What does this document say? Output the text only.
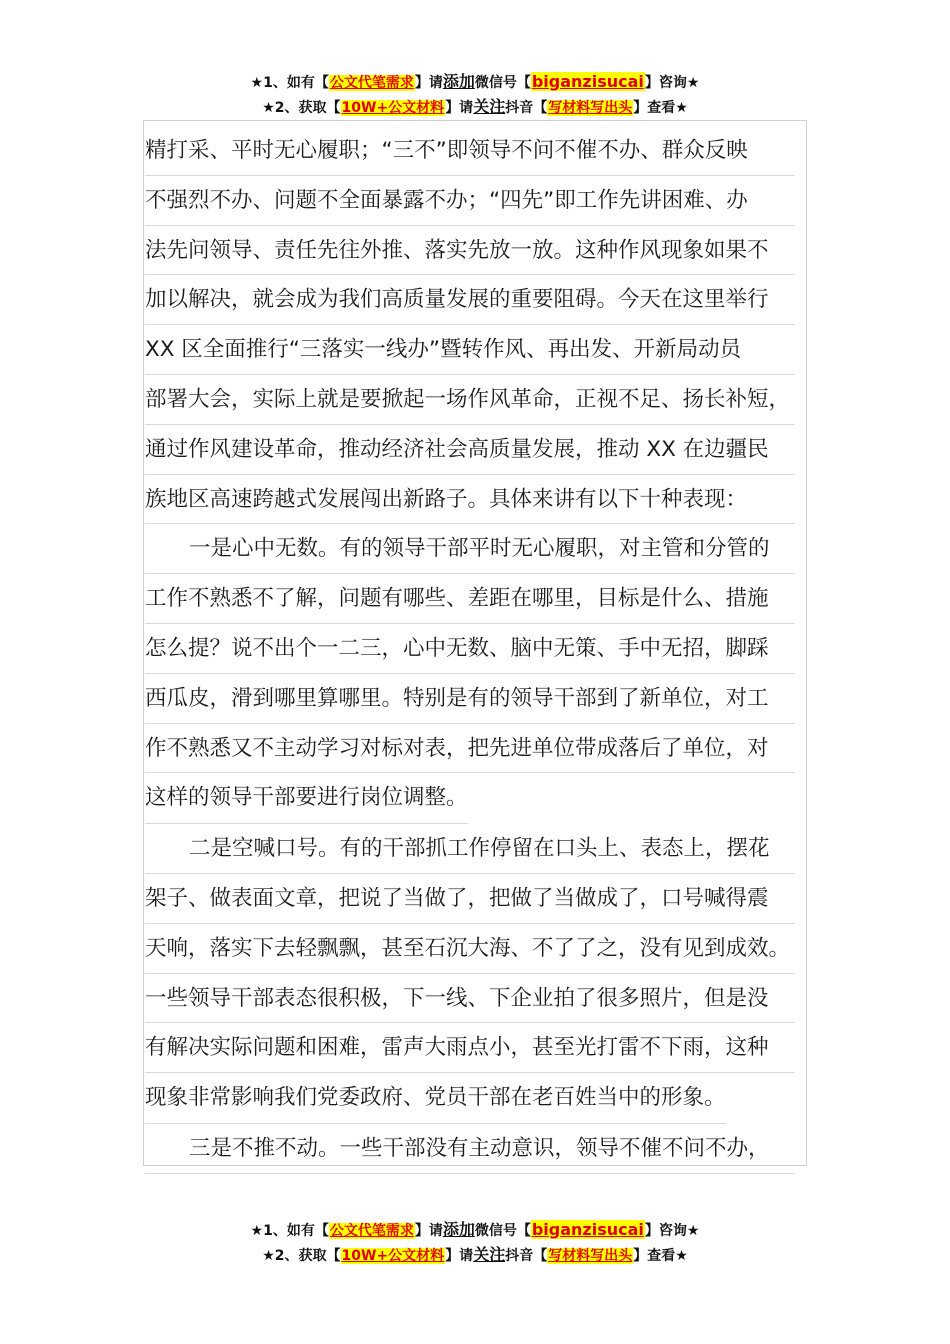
★1、如有【公文代笔需求】请添加微信号【biganzisucai】咨询★
★2、获取【10W+公文材料】请关注抖音【写材料写出头】查看★
精打采、平时无心履职；“三不”即领导不问不催不办、群众反映
不强烈不办、问题不全面暴露不办；“四先”即工作先讲困难、办
法先问领导、责任先往外推、落实先放一放。这种作风现象如果不
加以解决，就会成为我们高质量发展的重要阻碍。今天在这里举行
XX 区全面推行“三落实一线办”暨转作风、再出发、开新局动员
部署大会，实际上就是要掀起一场作风革命，正视不足、扬长补短，
通过作风建设革命，推动经济社会高质量发展，推动 XX 在边疆民
族地区高速跨越式发展闯出新路子。具体来讲有以下十种表现：
一是心中无数。有的领导干部平时无心履职，对主管和分管的
工作不熟悉不了解，问题有哪些、差距在哪里，目标是什么、措施
怎么提？说不出个一二三，心中无数、脑中无策、手中无招，脚踩
西瓜皮，滑到哪里算哪里。特别是有的领导干部到了新单位，对工
作不熟悉又不主动学习对标对表，把先进单位带成落后了单位，对
这样的领导干部要进行岗位调整。
二是空喊口号。有的干部抓工作停留在口头上、表态上，摆花
架子、做表面文章，把说了当做了，把做了当做成了，口号喊得震
天响，落实下去轻飘飘，甚至石沉大海、不了了之，没有见到成效。
一些领导干部表态很积极，下一线、下企业拍了很多照片，但是没
有解决实际问题和困难，雷声大雨点小，甚至光打雷不下雨，这种
现象非常影响我们党委政府、党员干部在老百姓当中的形象。
三是不推不动。一些干部没有主动意识，领导不催不问不办，
★1、如有【公文代笔需求】请添加微信号【biganzisucai】咨询★
★2、获取【10W+公文材料】请关注抖音【写材料写出头】查看★
